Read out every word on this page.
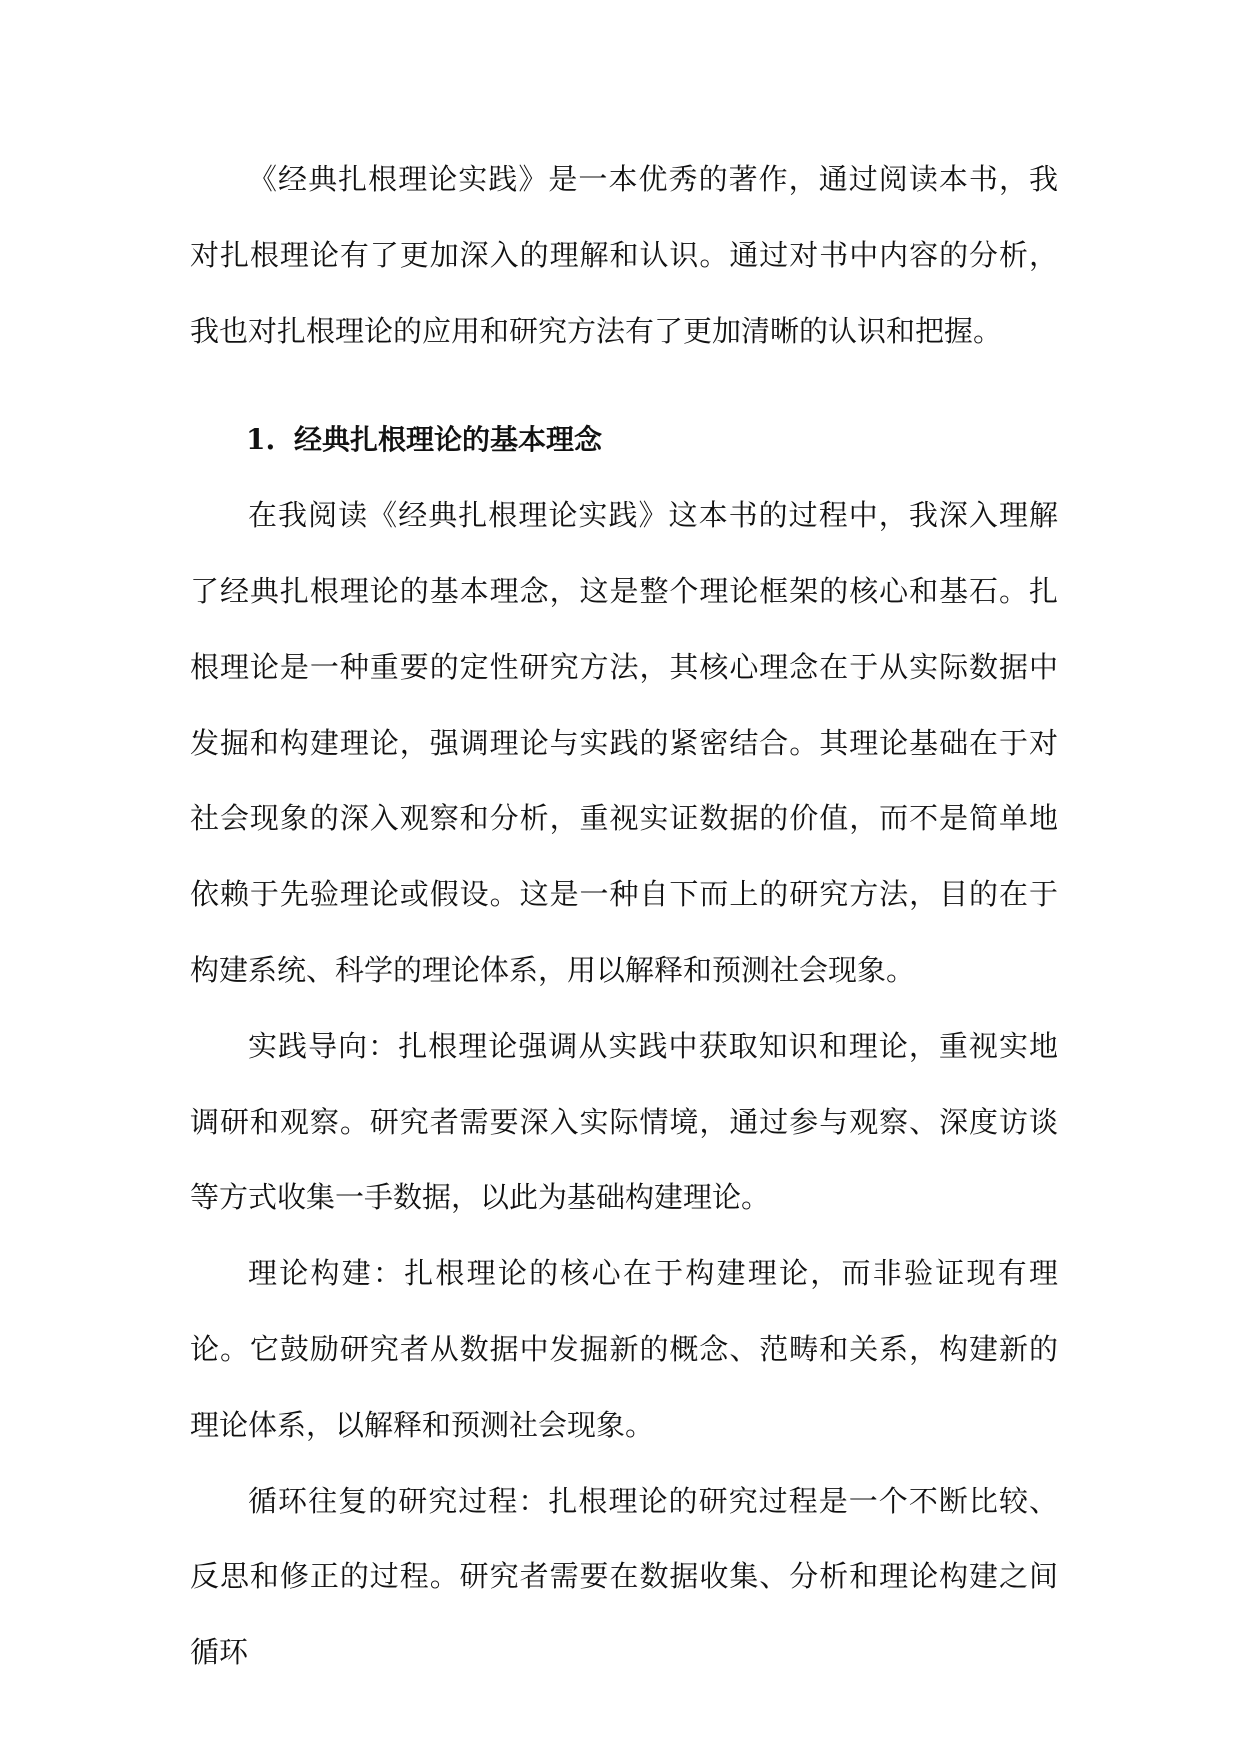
《经典扎根理论实践》是一本优秀的著作，通过阅读本书，我对扎根理论有了更加深入的理解和认识。通过对书中内容的分析，我也对扎根理论的应用和研究方法有了更加清晰的认识和把握。

1. 经典扎根理论的基本理念

在我阅读《经典扎根理论实践》这本书的过程中，我深入理解了经典扎根理论的基本理念，这是整个理论框架的核心和基石。扎根理论是一种重要的定性研究方法，其核心理念在于从实际数据中发掘和构建理论，强调理论与实践的紧密结合。其理论基础在于对社会现象的深入观察和分析，重视实证数据的价值，而不是简单地依赖于先验理论或假设。这是一种自下而上的研究方法，目的在于构建系统、科学的理论体系，用以解释和预测社会现象。

实践导向：扎根理论强调从实践中获取知识和理论，重视实地调研和观察。研究者需要深入实际情境，通过参与观察、深度访谈等方式收集一手数据，以此为基础构建理论。

理论构建：扎根理论的核心在于构建理论，而非验证现有理论。它鼓励研究者从数据中发掘新的概念、范畴和关系，构建新的理论体系，以解释和预测社会现象。

循环往复的研究过程：扎根理论的研究过程是一个不断比较、反思和修正的过程。研究者需要在数据收集、分析和理论构建之间循环
